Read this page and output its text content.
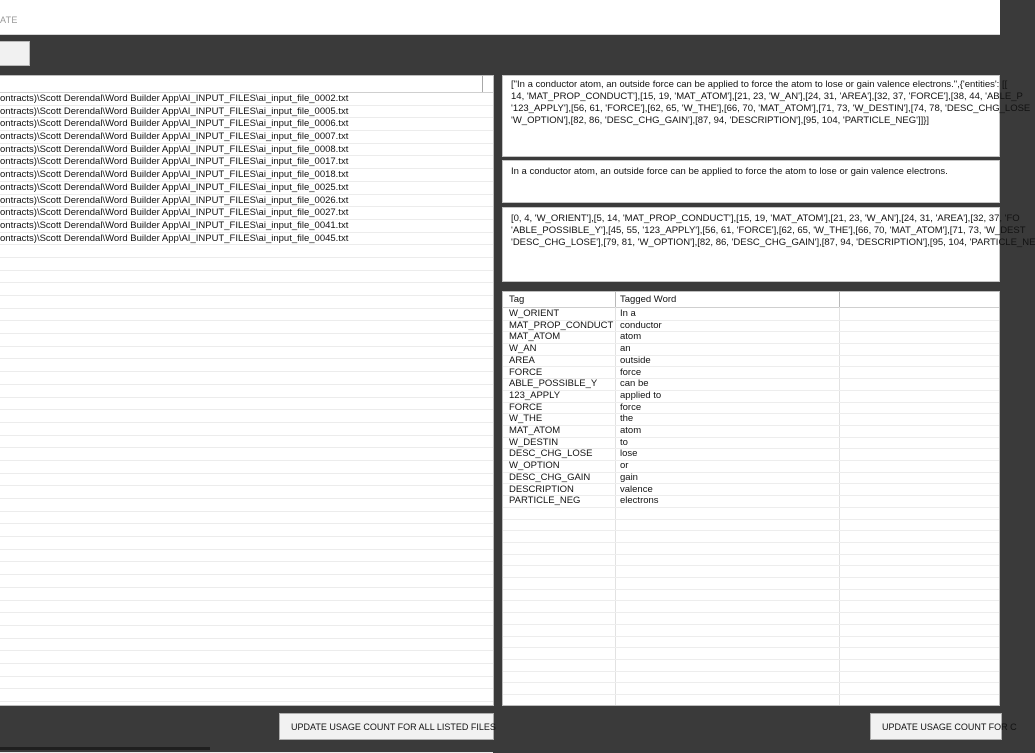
ATE
ontracts)\Scott Derendal\Word Builder App\AI_INPUT_FILES\ai_input_file_0002.txt
ontracts)\Scott Derendal\Word Builder App\AI_INPUT_FILES\ai_input_file_0005.txt
ontracts)\Scott Derendal\Word Builder App\AI_INPUT_FILES\ai_input_file_0006.txt
ontracts)\Scott Derendal\Word Builder App\AI_INPUT_FILES\ai_input_file_0007.txt
ontracts)\Scott Derendal\Word Builder App\AI_INPUT_FILES\ai_input_file_0008.txt
ontracts)\Scott Derendal\Word Builder App\AI_INPUT_FILES\ai_input_file_0017.txt
ontracts)\Scott Derendal\Word Builder App\AI_INPUT_FILES\ai_input_file_0018.txt
ontracts)\Scott Derendal\Word Builder App\AI_INPUT_FILES\ai_input_file_0025.txt
ontracts)\Scott Derendal\Word Builder App\AI_INPUT_FILES\ai_input_file_0026.txt
ontracts)\Scott Derendal\Word Builder App\AI_INPUT_FILES\ai_input_file_0027.txt
ontracts)\Scott Derendal\Word Builder App\AI_INPUT_FILES\ai_input_file_0041.txt
ontracts)\Scott Derendal\Word Builder App\AI_INPUT_FILES\ai_input_file_0045.txt
["In a conductor atom, an outside force can be applied to force the atom to lose or gain valence electrons.",{'entities': [[
14, 'MAT_PROP_CONDUCT'],[15, 19, 'MAT_ATOM'],[21, 23, 'W_AN'],[24, 31, 'AREA'],[32, 37, 'FORCE'],[38, 44, 'ABLE_P
'123_APPLY'],[56, 61, 'FORCE'],[62, 65, 'W_THE'],[66, 70, 'MAT_ATOM'],[71, 73, 'W_DESTIN'],[74, 78, 'DESC_CHG_LOSE
'W_OPTION'],[82, 86, 'DESC_CHG_GAIN'],[87, 94, 'DESCRIPTION'],[95, 104, 'PARTICLE_NEG']]}]
In a conductor atom, an outside force can be applied to force the atom to lose or gain valence electrons.
[0, 4, 'W_ORIENT'],[5, 14, 'MAT_PROP_CONDUCT'],[15, 19, 'MAT_ATOM'],[21, 23, 'W_AN'],[24, 31, 'AREA'],[32, 37, 'FO
'ABLE_POSSIBLE_Y'],[45, 55, '123_APPLY'],[56, 61, 'FORCE'],[62, 65, 'W_THE'],[66, 70, 'MAT_ATOM'],[71, 73, 'W_DEST
'DESC_CHG_LOSE'],[79, 81, 'W_OPTION'],[82, 86, 'DESC_CHG_GAIN'],[87, 94, 'DESCRIPTION'],[95, 104, 'PARTICLE_NE
Tag	Tagged Word
W_ORIENT	In a
MAT_PROP_CONDUCT conductor
MAT_ATOM	atom
W_AN	an
AREA	outside
FORCE	force
ABLE_POSSIBLE_Y can be
123_APPLY	applied to
FORCE	force
W_THE	the
MAT_ATOM	atom
W_DESTIN	to
DESC_CHG_LOSE	lose
W_OPTION	or
DESC_CHG_GAIN	gain
DESCRIPTION	valence
PARTICLE_NEG	electrons
UPDATE USAGE COUNT FOR ALL LISTED FILES	UPDATE USAGE COUNT FOR C
